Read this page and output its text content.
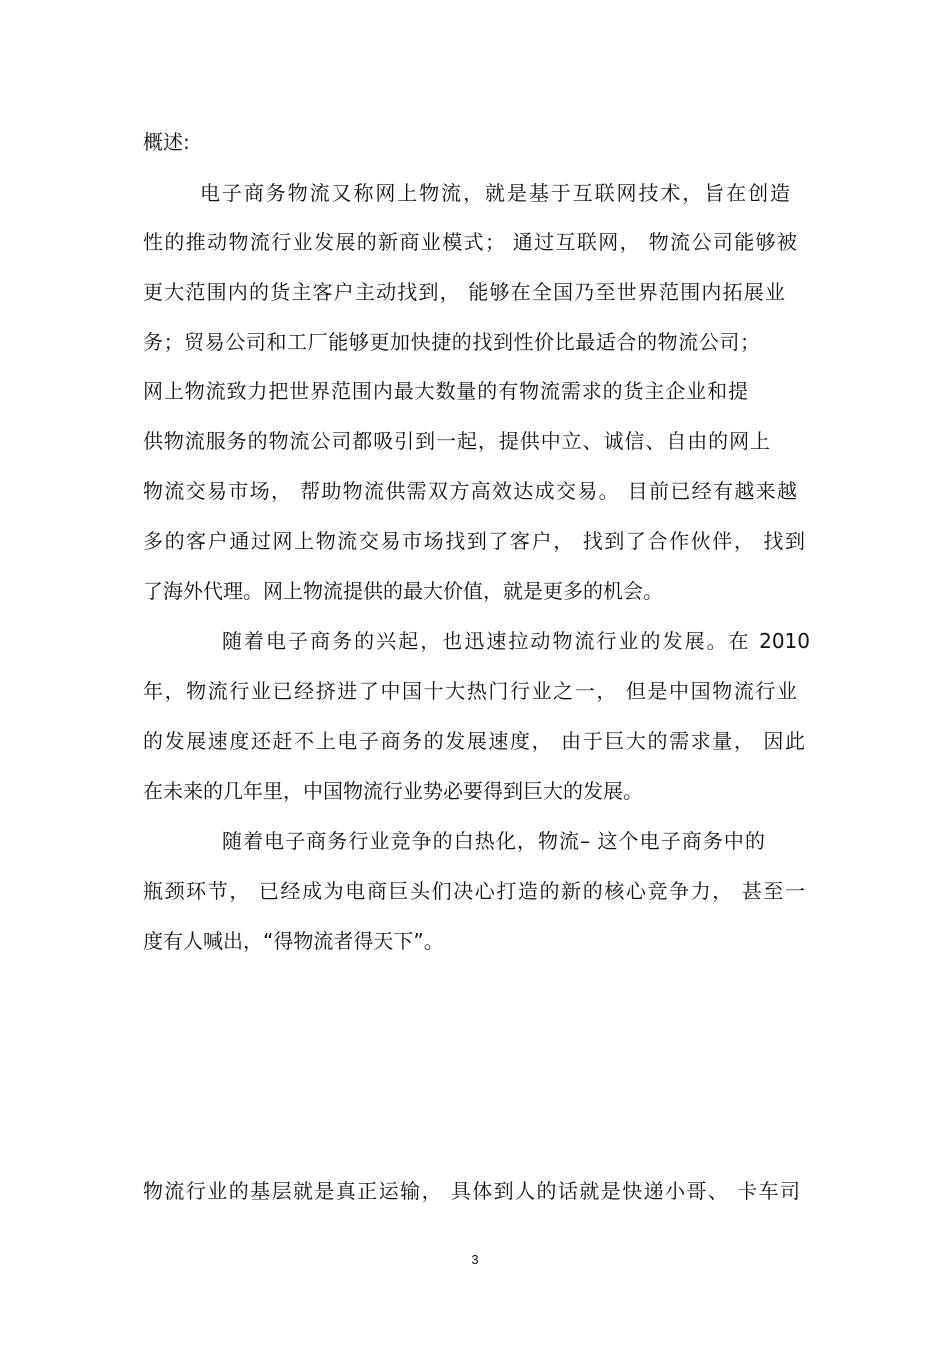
概述:
电子商务物流又称网上物流，就是基于互联网技术，旨在创造
性的推动物流行业发展的新商业模式； 通过互联网， 物流公司能够被
更大范围内的货主客户主动找到， 能够在全国乃至世界范围内拓展业
务；贸易公司和工厂能够更加快捷的找到性价比最适合的物流公司；
网上物流致力把世界范围内最大数量的有物流需求的货主企业和提
供物流服务的物流公司都吸引到一起，提供中立、诚信、自由的网上
物流交易市场， 帮助物流供需双方高效达成交易。 目前已经有越来越
多的客户通过网上物流交易市场找到了客户， 找到了合作伙伴， 找到
了海外代理。网上物流提供的最大价值，就是更多的机会。
随着电子商务的兴起，也迅速拉动物流行业的发展。在 2010
年，物流行业已经挤进了中国十大热门行业之一， 但是中国物流行业
的发展速度还赶不上电子商务的发展速度， 由于巨大的需求量， 因此
在未来的几年里，中国物流行业势必要得到巨大的发展。
随着电子商务行业竞争的白热化，物流– 这个电子商务中的
瓶颈环节， 已经成为电商巨头们决心打造的新的核心竞争力， 甚至一
度有人喊出，“得物流者得天下”。
物流行业的基层就是真正运输， 具体到人的话就是快递小哥、 卡车司
3
